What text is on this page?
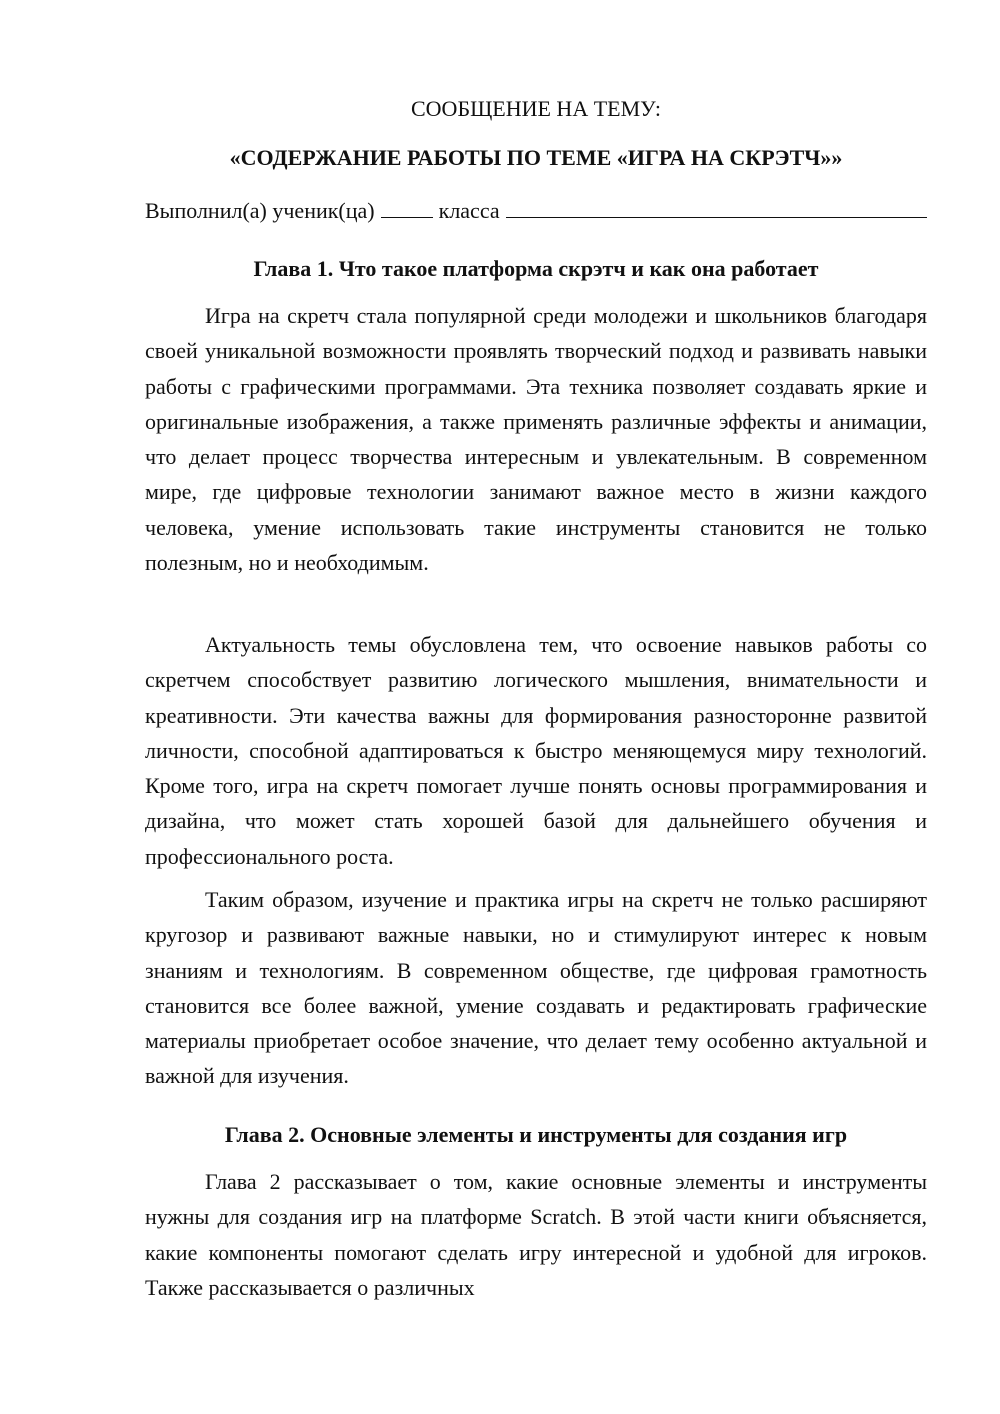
СООБЩЕНИЕ НА ТЕМУ:
«СОДЕРЖАНИЕ РАБОТЫ ПО ТЕМЕ «ИГРА НА СКРЭТЧ»»
Выполнил(а) ученик(ца)	класса
Глава 1. Что такое платформа скрэтч и как она работает

Игра на скретч стала популярной среди молодежи и школьников благодаря своей уникальной возможности проявлять творческий подход и развивать навыки работы с графическими программами. Эта техника позволяет создавать яркие и оригинальные изображения, а также применять различные эффекты и анимации, что делает процесс творчества интересным и увлекательным. В современном мире, где цифровые технологии занимают важное место в жизни каждого человека, умение использовать такие инструменты становится не только полезным, но и необходимым.

Актуальность темы обусловлена тем, что освоение навыков работы со скретчем способствует развитию логического мышления, внимательности и креативности. Эти качества важны для формирования разносторонне развитой личности, способной адаптироваться к быстро меняющемуся миру технологий. Кроме того, игра на скретч помогает лучше понять основы программирования и дизайна, что может стать хорошей базой для дальнейшего обучения и профессионального роста.

Таким образом, изучение и практика игры на скретч не только расширяют кругозор и развивают важные навыки, но и стимулируют интерес к новым знаниям и технологиям. В современном обществе, где цифровая грамотность становится все более важной, умение создавать и редактировать графические материалы приобретает особое значение, что делает тему особенно актуальной и важной для изучения.

Глава 2. Основные элементы и инструменты для создания игр

Глава 2 рассказывает о том, какие основные элементы и инструменты нужны для создания игр на платформе Scratch. В этой части книги объясняется, какие компоненты помогают сделать игру интересной и удобной для игроков. Также рассказывается о различных
